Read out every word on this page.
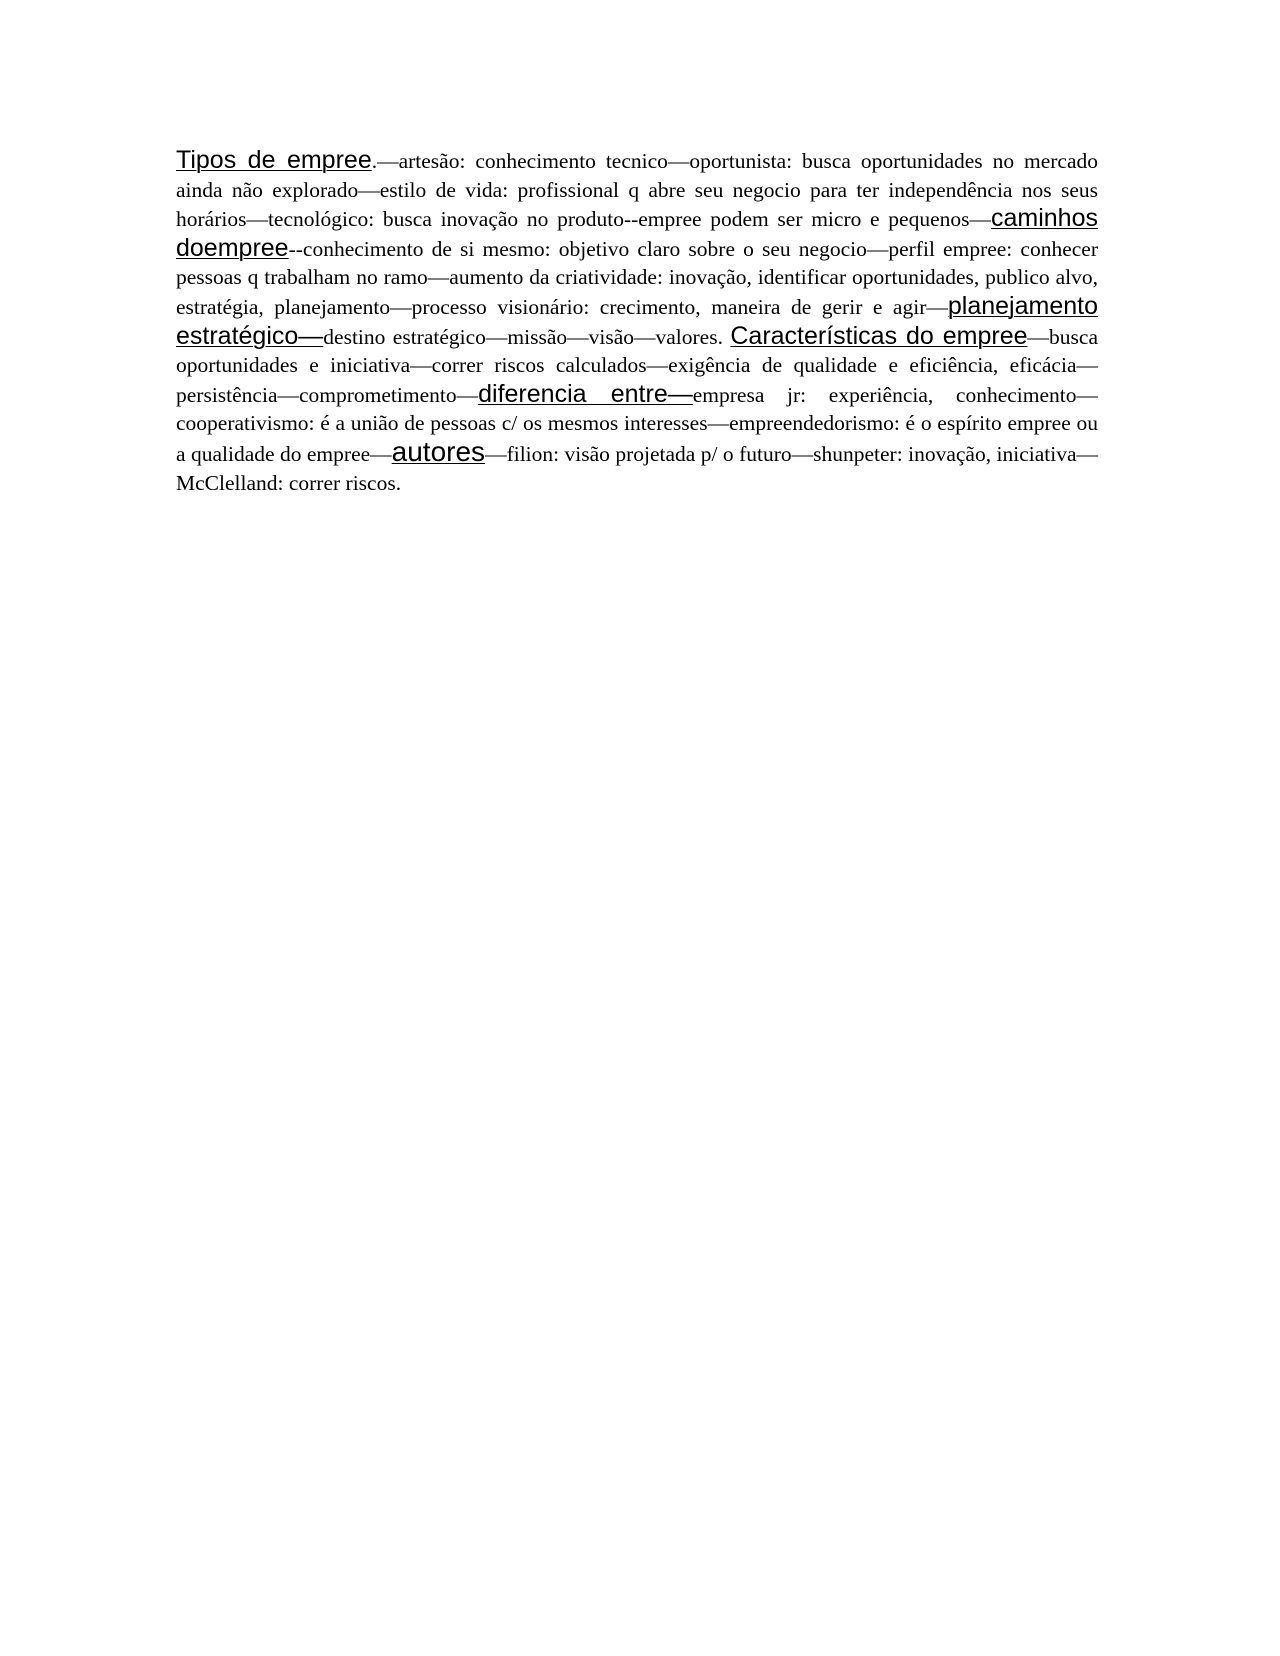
Tipos de empree.—artesão: conhecimento tecnico—oportunista: busca oportunidades no mercado ainda não explorado—estilo de vida: profissional q abre seu negocio para ter independência nos seus horários—tecnológico: busca inovação no produto--empree podem ser micro e pequenos—caminhos doempree--conhecimento de si mesmo: objetivo claro sobre o seu negocio—perfil empree: conhecer pessoas q trabalham no ramo—aumento da criatividade: inovação, identificar oportunidades, publico alvo, estratégia, planejamento—processo visionário: crecimento, maneira de gerir e agir—planejamento estratégico—destino estratégico—missão—visão—valores. Características do empree—busca oportunidades e iniciativa—correr riscos calculados—exigência de qualidade e eficiência, eficácia—persistência—comprometimento—diferencia entre—empresa jr: experiência, conhecimento—cooperativismo: é a união de pessoas c/ os mesmos interesses—empreendedorismo: é o espírito empree ou a qualidade do empree—autores—filion: visão projetada p/ o futuro—shunpeter: inovação, iniciativa—McClelland: correr riscos.
